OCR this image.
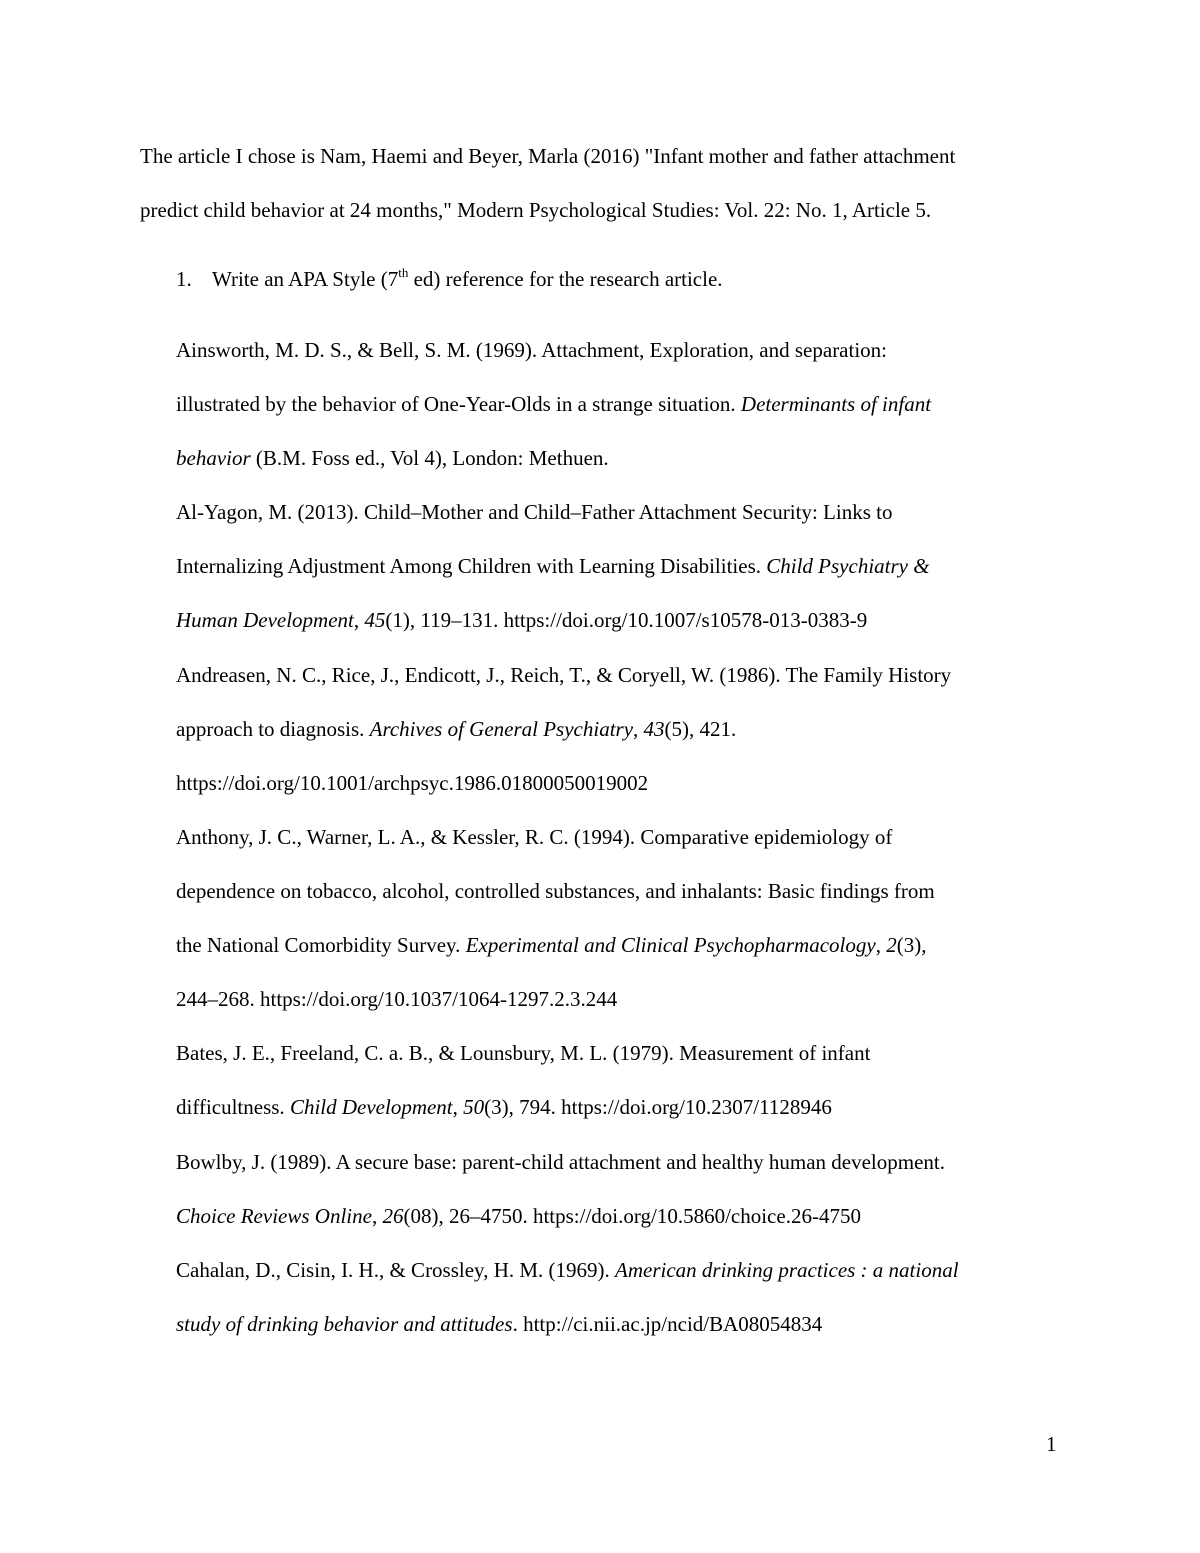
The article I chose is Nam, Haemi and Beyer, Marla (2016) "Infant mother and father attachment
predict child behavior at 24 months," Modern Psychological Studies: Vol. 22: No. 1, Article 5.
1. Write an APA Style (7th ed) reference for the research article.
Ainsworth, M. D. S., & Bell, S. M. (1969). Attachment, Exploration, and separation:
illustrated by the behavior of One-Year-Olds in a strange situation. Determinants of infant
behavior (B.M. Foss ed., Vol 4), London: Methuen.
Al-Yagon, M. (2013). Child–Mother and Child–Father Attachment Security: Links to
Internalizing Adjustment Among Children with Learning Disabilities. Child Psychiatry &
Human Development, 45(1), 119–131. https://doi.org/10.1007/s10578-013-0383-9
Andreasen, N. C., Rice, J., Endicott, J., Reich, T., & Coryell, W. (1986). The Family History
approach to diagnosis. Archives of General Psychiatry, 43(5), 421.
https://doi.org/10.1001/archpsyc.1986.01800050019002
Anthony, J. C., Warner, L. A., & Kessler, R. C. (1994). Comparative epidemiology of
dependence on tobacco, alcohol, controlled substances, and inhalants: Basic findings from
the National Comorbidity Survey. Experimental and Clinical Psychopharmacology, 2(3),
244–268. https://doi.org/10.1037/1064-1297.2.3.244
Bates, J. E., Freeland, C. a. B., & Lounsbury, M. L. (1979). Measurement of infant
difficultness. Child Development, 50(3), 794. https://doi.org/10.2307/1128946
Bowlby, J. (1989). A secure base: parent-child attachment and healthy human development.
Choice Reviews Online, 26(08), 26–4750. https://doi.org/10.5860/choice.26-4750
Cahalan, D., Cisin, I. H., & Crossley, H. M. (1969). American drinking practices : a national
study of drinking behavior and attitudes. http://ci.nii.ac.jp/ncid/BA08054834
1
